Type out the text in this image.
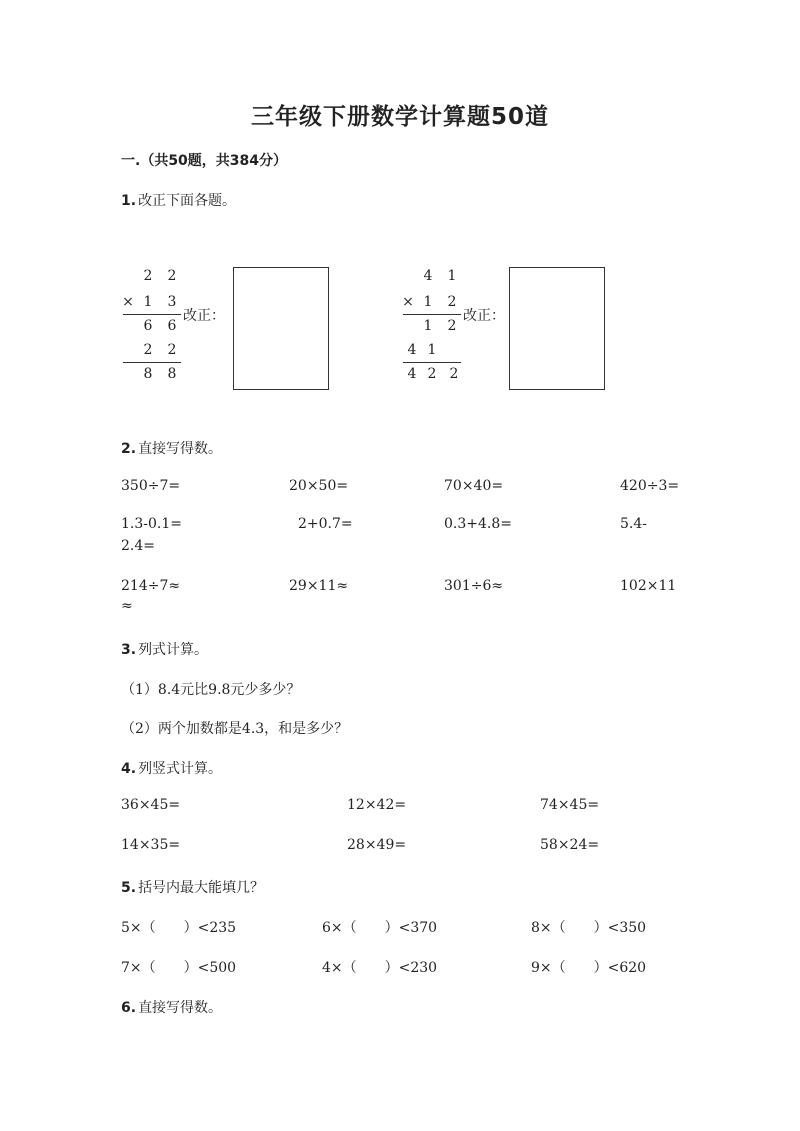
三年级下册数学计算题50道
一.（共50题，共384分）
1. 改正下面各题。
2 2
× 1 3
6 6
2 2
8 8
改正：
4 1
× 1 2
1 2
4 1
4 2 2
改正：
2. 直接写得数。
350÷7=	20×50=	70×40=	420÷3=
1.3-0.1=	2+0.7=	0.3+4.8=	5.4-
2.4=
214÷7≈	29×11≈	301÷6≈	102×11
≈
3. 列式计算。
（1）8.4元比9.8元少多少？
（2）两个加数都是4.3，和是多少？
4. 列竖式计算。
36×45=	12×42=	74×45=
14×35=	28×49=	58×24=
5. 括号内最大能填几？
5×（　　）<235	6×（　　）<370	8×（　　）<350
7×（　　）<500	4×（　　）<230	9×（　　）<620
6. 直接写得数。
